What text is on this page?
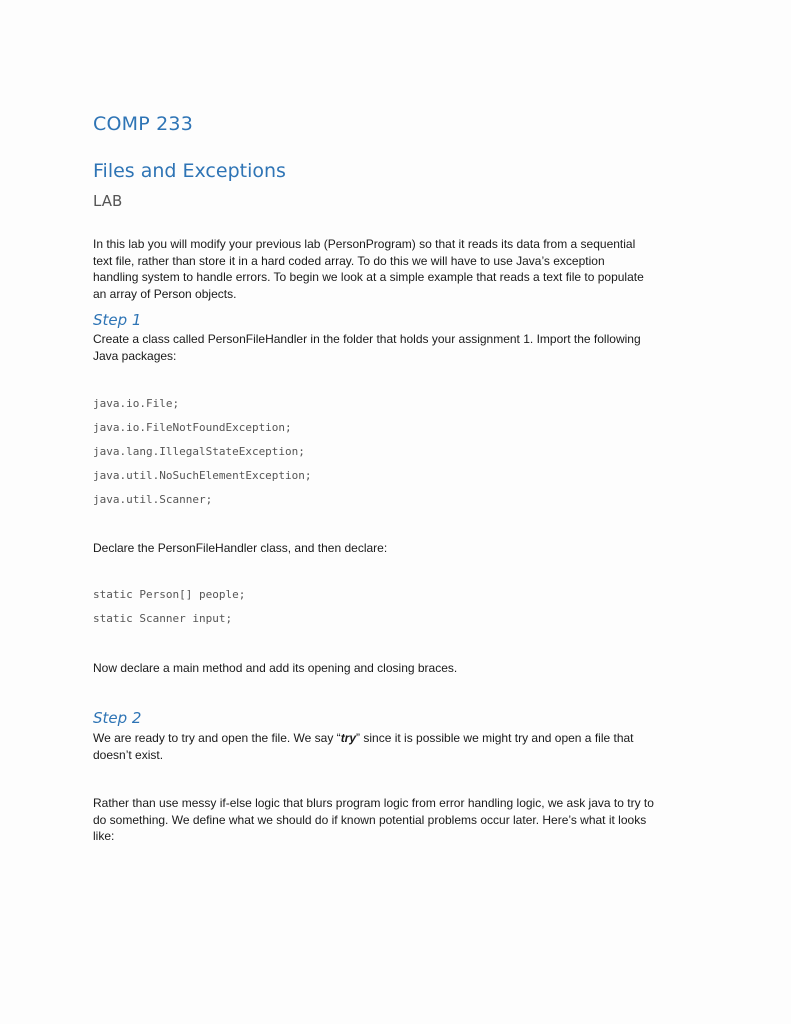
COMP 233
Files and Exceptions
LAB
In this lab you will modify your previous lab (PersonProgram) so that it reads its data from a sequential
text file, rather than store it in a hard coded array. To do this we will have to use Java’s exception
handling system to handle errors. To begin we look at a simple example that reads a text file to populate
an array of Person objects.
Step 1
Create a class called PersonFileHandler in the folder that holds your assignment 1. Import the following
Java packages:
java.io.File;
java.io.FileNotFoundException;
java.lang.IllegalStateException;
java.util.NoSuchElementException;
java.util.Scanner;
Declare the PersonFileHandler class, and then declare:
static Person[] people;
static Scanner input;
Now declare a main method and add its opening and closing braces.
Step 2
We are ready to try and open the file. We say “try” since it is possible we might try and open a file that
doesn’t exist.
Rather than use messy if-else logic that blurs program logic from error handling logic, we ask java to try to
do something. We define what we should do if known potential problems occur later. Here’s what it looks
like:
